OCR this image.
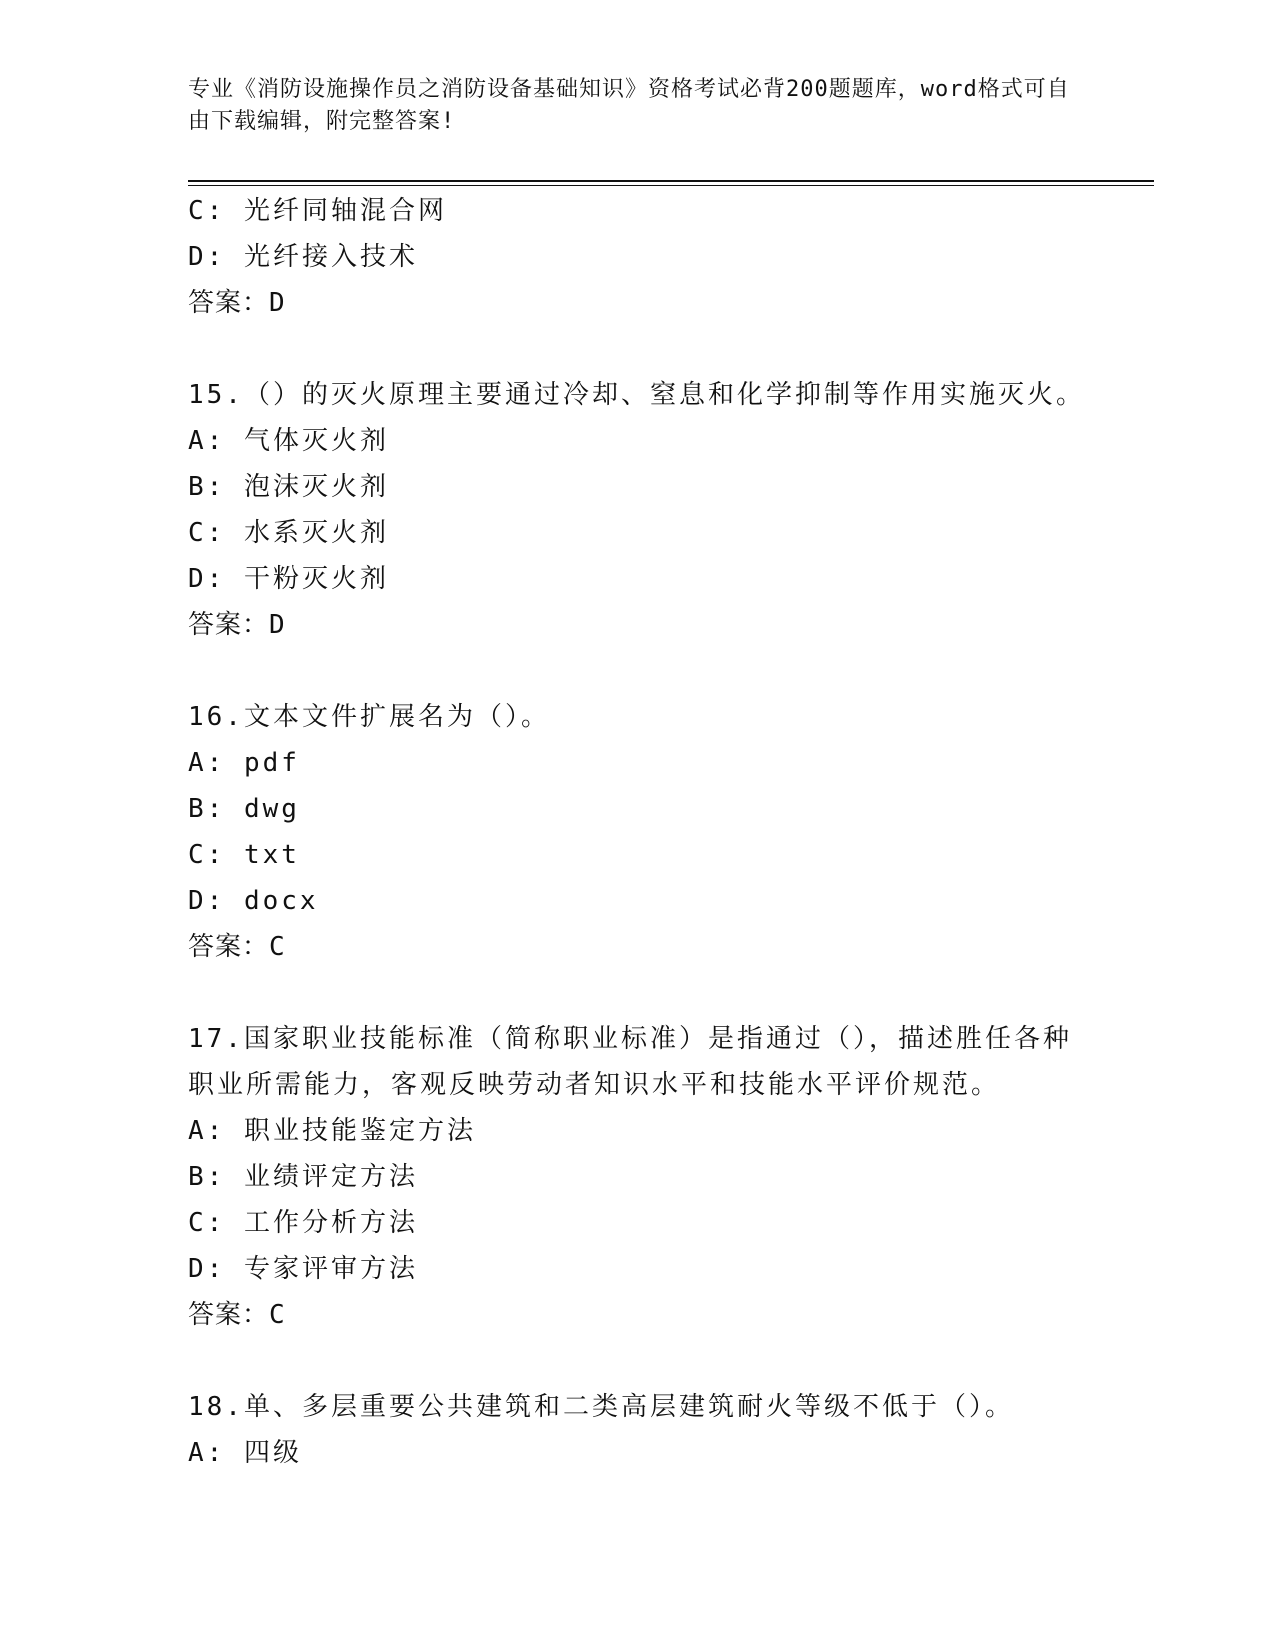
专业《消防设施操作员之消防设备基础知识》资格考试必背200题题库，word格式可自由下载编辑，附完整答案!
C: 光纤同轴混合网
D: 光纤接入技术
答案：D
15.（）的灭火原理主要通过冷却、窒息和化学抑制等作用实施灭火。
A: 气体灭火剂
B: 泡沫灭火剂
C: 水系灭火剂
D: 干粉灭火剂
答案：D
16.文本文件扩展名为（）。
A: pdf
B: dwg
C: txt
D: docx
答案：C
17.国家职业技能标准（简称职业标准）是指通过（），描述胜任各种职业所需能力，客观反映劳动者知识水平和技能水平评价规范。
A: 职业技能鉴定方法
B: 业绩评定方法
C: 工作分析方法
D: 专家评审方法
答案：C
18.单、多层重要公共建筑和二类高层建筑耐火等级不低于（）。
A: 四级
